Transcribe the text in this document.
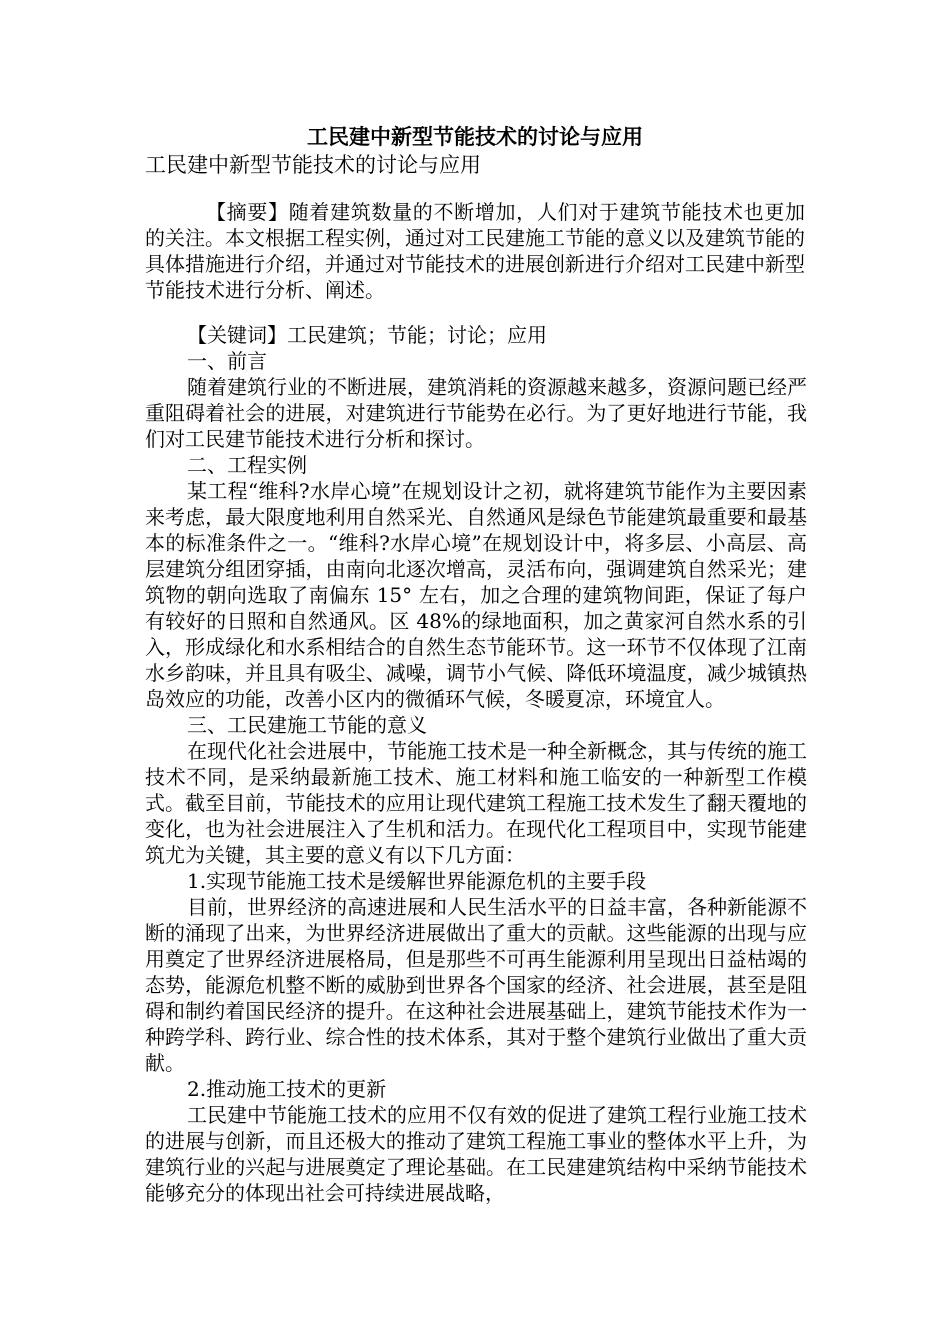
工民建中新型节能技术的讨论与应用
工民建中新型节能技术的讨论与应用

【摘要】随着建筑数量的不断增加，人们对于建筑节能技术也更加的关注。本文根据工程实例，通过对工民建施工节能的意义以及建筑节能的具体措施进行介绍，并通过对节能技术的进展创新进行介绍对工民建中新型节能技术进行分析、阐述。

【关键词】工民建筑；节能；讨论；应用

一、前言

随着建筑行业的不断进展，建筑消耗的资源越来越多，资源问题已经严重阻碍着社会的进展，对建筑进行节能势在必行。为了更好地进行节能，我们对工民建节能技术进行分析和探讨。

二、工程实例

某工程“维科?水岸心境”在规划设计之初，就将建筑节能作为主要因素来考虑，最大限度地利用自然采光、自然通风是绿色节能建筑最重要和最基本的标准条件之一。“维科?水岸心境”在规划设计中，将多层、小高层、高层建筑分组团穿插，由南向北逐次增高，灵活布向，强调建筑自然采光；建筑物的朝向选取了南偏东 15° 左右，加之合理的建筑物间距，保证了每户有较好的日照和自然通风。区 48%的绿地面积，加之黄家河自然水系的引入，形成绿化和水系相结合的自然生态节能环节。这一环节不仅体现了江南水乡韵味，并且具有吸尘、减噪，调节小气候、降低环境温度，减少城镇热岛效应的功能，改善小区内的微循环气候，冬暖夏凉，环境宜人。

三、工民建施工节能的意义

在现代化社会进展中，节能施工技术是一种全新概念，其与传统的施工技术不同，是采纳最新施工技术、施工材料和施工临安的一种新型工作模式。截至目前，节能技术的应用让现代建筑工程施工技术发生了翻天覆地的变化，也为社会进展注入了生机和活力。在现代化工程项目中，实现节能建筑尤为关键，其主要的意义有以下几方面：

1.实现节能施工技术是缓解世界能源危机的主要手段

目前，世界经济的高速进展和人民生活水平的日益丰富，各种新能源不断的涌现了出来，为世界经济进展做出了重大的贡献。这些能源的出现与应用奠定了世界经济进展格局，但是那些不可再生能源利用呈现出日益枯竭的态势，能源危机整不断的威胁到世界各个国家的经济、社会进展，甚至是阻碍和制约着国民经济的提升。在这种社会进展基础上，建筑节能技术作为一种跨学科、跨行业、综合性的技术体系，其对于整个建筑行业做出了重大贡献。

2.推动施工技术的更新

工民建中节能施工技术的应用不仅有效的促进了建筑工程行业施工技术的进展与创新，而且还极大的推动了建筑工程施工事业的整体水平上升，为建筑行业的兴起与进展奠定了理论基础。在工民建建筑结构中采纳节能技术能够充分的体现出社会可持续进展战略，
